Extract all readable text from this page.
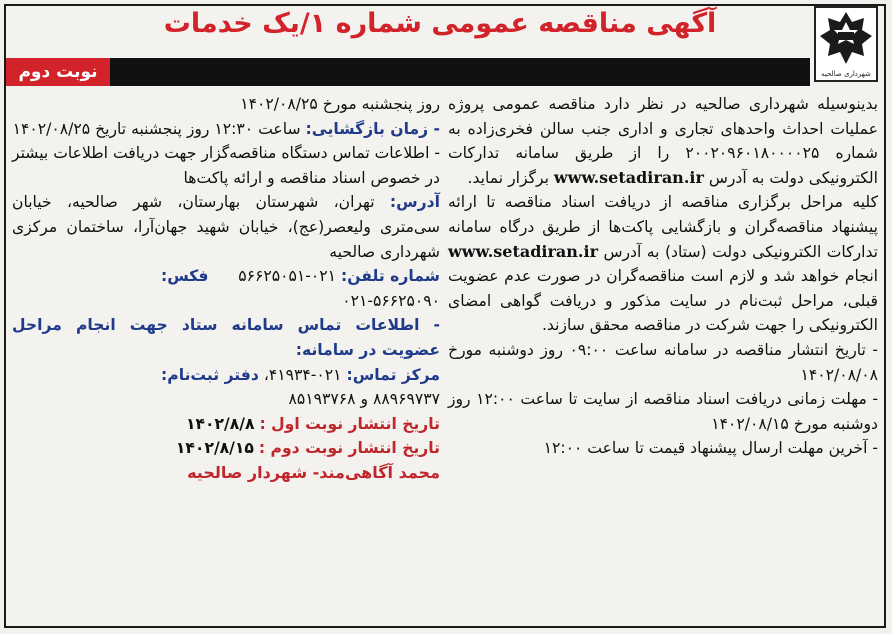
شهرداری صالحیه
آگهی مناقصه عمومی شماره ۱/یک خدمات
نوبت دوم

بدینوسیله شهرداری صالحیه در نظر دارد مناقصه عمومی پروژه عملیات احداث واحدهای تجاری و اداری جنب سالن فخری‌زاده به شماره ۲۰۰۲۰۹۶۰۱۸۰۰۰۰۲۵ را از طریق سامانه تدارکات الکترونیکی دولت به آدرس www.setadiran.ir برگزار نماید.

کلیه مراحل برگزاری مناقصه از دریافت اسناد مناقصه تا ارائه پیشنهاد مناقصه‌گران و بازگشایی پاکت‌ها از طریق درگاه سامانه تدارکات الکترونیکی دولت (ستاد) به آدرس www.setadiran.ir انجام خواهد شد و لازم است مناقصه‌گران در صورت عدم عضویت قبلی، مراحل ثبت‌نام در سایت مذکور و دریافت گواهی امضای الکترونیکی را جهت شرکت در مناقصه محقق سازند.

- تاریخ انتشار مناقصه در سامانه ساعت ۰۹:۰۰ روز دوشنبه مورخ ۱۴۰۲/۰۸/۰۸
- مهلت زمانی دریافت اسناد مناقصه از سایت تا ساعت ۱۲:۰۰ روز دوشنبه مورخ ۱۴۰۲/۰۸/۱۵
- آخرین مهلت ارسال پیشنهاد قیمت تا ساعت ۱۲:۰۰
روز پنجشنبه مورخ ۱۴۰۲/۰۸/۲۵
- زمان بازگشایی: ساعت ۱۲:۳۰ روز پنجشنبه تاریخ ۱۴۰۲/۰۸/۲۵
- اطلاعات تماس دستگاه مناقصه‌گزار جهت دریافت اطلاعات بیشتر در خصوص اسناد مناقصه و ارائه پاکت‌ها
آدرس: تهران، شهرستان بهارستان، شهر صالحیه، خیابان سی‌متری ولیعصر(عج)، خیابان شهید جهان‌آرا، ساختمان مرکزی شهرداری صالحیه
شماره تلفن: ۰۲۱-۵۶۶۲۵۰۵۱      فکس:
۰۲۱-۵۶۶۲۵۰۹۰
- اطلاعات تماس سامانه ستاد جهت انجام مراحل عضویت در سامانه:
مرکز تماس: ۰۲۱-۴۱۹۳۴، دفتر ثبت‌نام:
۸۸۹۶۹۷۳۷ و ۸۵۱۹۳۷۶۸
تاریخ انتشار نوبت اول : ۱۴۰۲/۸/۸
تاریخ انتشار نوبت دوم : ۱۴۰۲/۸/۱۵
محمد آگاهی‌مند- شهردار صالحیه
